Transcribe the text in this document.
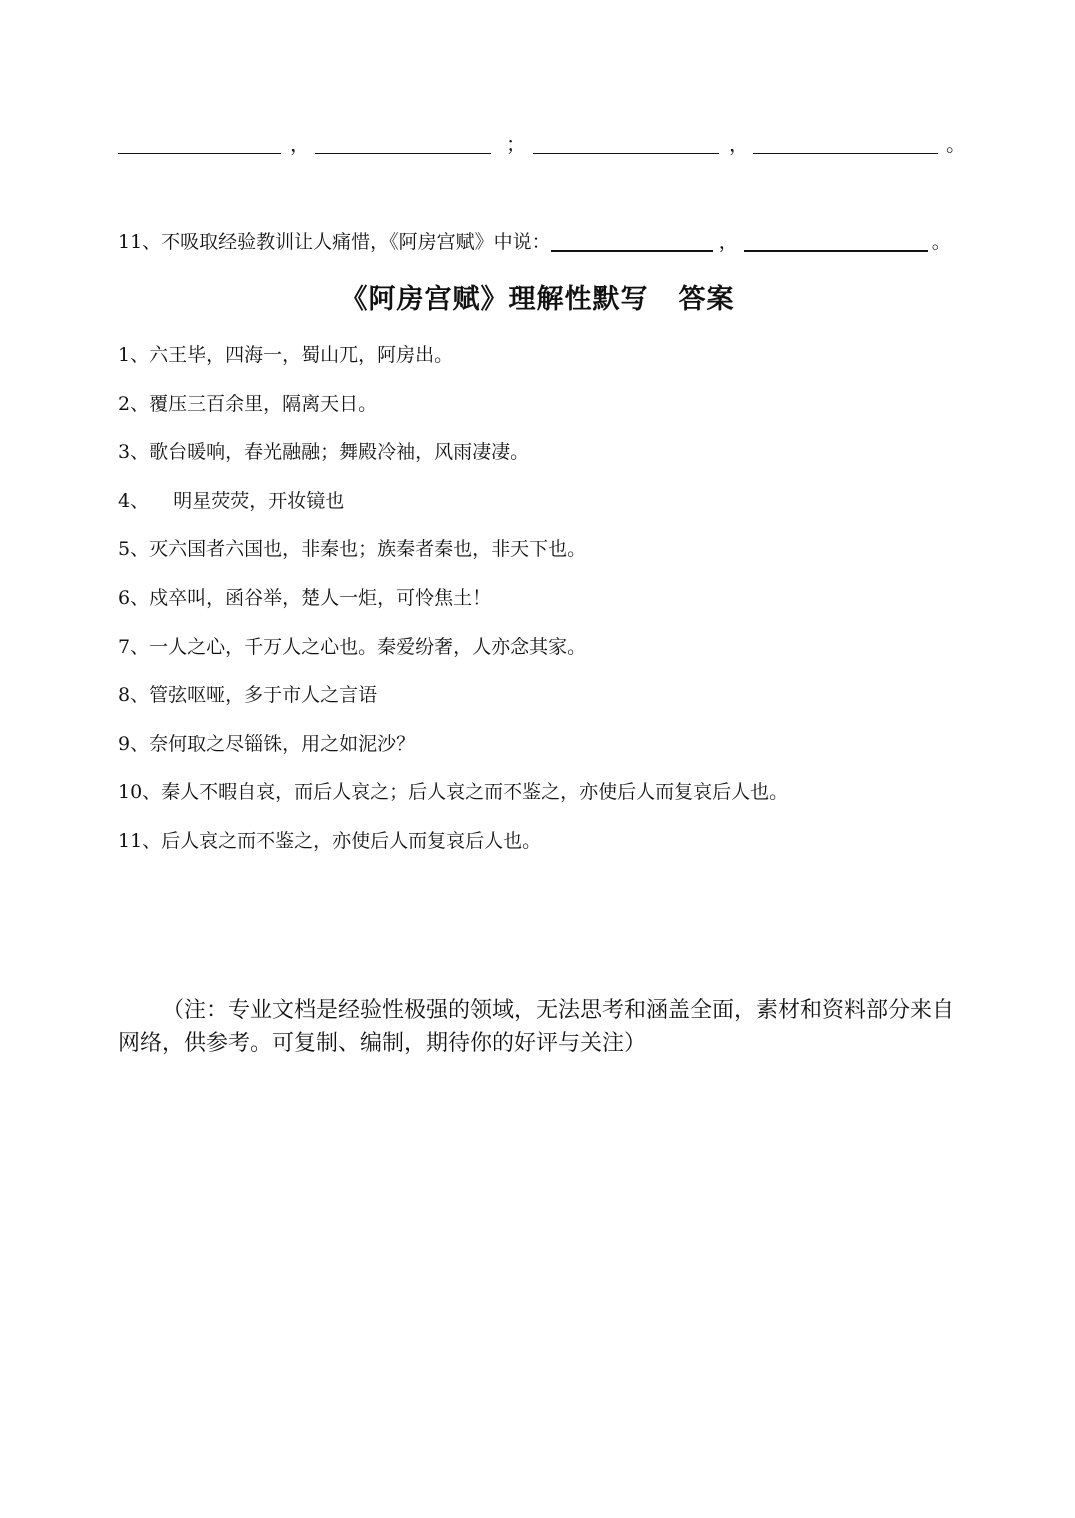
，	；	，	。
11、不吸取经验教训让人痛惜，《阿房宫赋》中说：	，	。
《阿房宫赋》理解性默写 答案
1、六王毕，四海一，蜀山兀，阿房出。
2、覆压三百余里，隔离天日。
3、歌台暖响，春光融融；舞殿冷袖，风雨凄凄。
4、    明星荧荧，开妆镜也
5、灭六国者六国也，非秦也；族秦者秦也，非天下也。
6、戍卒叫，函谷举，楚人一炬，可怜焦土！
7、一人之心，千万人之心也。秦爱纷奢，人亦念其家。
8、管弦呕哑，多于市人之言语
9、奈何取之尽锱铢，用之如泥沙？
10、秦人不暇自哀，而后人哀之；后人哀之而不鉴之，亦使后人而复哀后人也。
11、后人哀之而不鉴之，亦使后人而复哀后人也。
（注：专业文档是经验性极强的领域，无法思考和涵盖全面，素材和资料部分来自网络，供参考。可复制、编制，期待你的好评与关注）
